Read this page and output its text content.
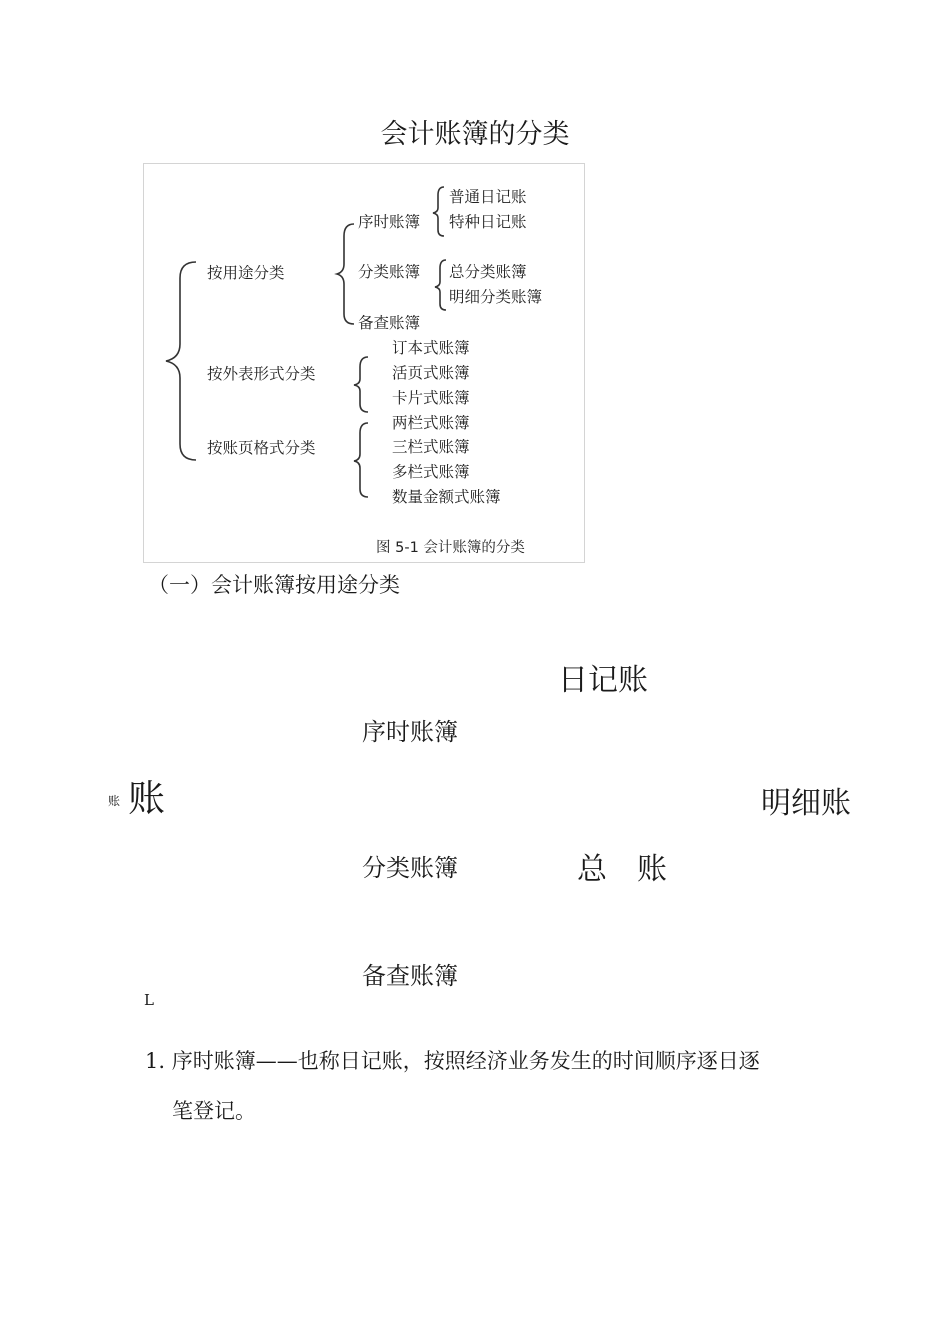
会计账簿的分类
按用途分类
按外表形式分类
按账页格式分类
序时账簿
分类账簿
备查账簿
普通日记账
特种日记账
总分类账簿
明细分类账簿
订本式账簿
活页式账簿
卡片式账簿
两栏式账簿
三栏式账簿
多栏式账簿
数量金额式账簿
图 5-1 会计账簿的分类
（一）会计账簿按用途分类
日记账
序时账簿
账 账	明细账
分类账簿	总　账
备查账簿
L
1. 序时账簿——也称日记账，按照经济业务发生的时间顺序逐日逐
笔登记。
